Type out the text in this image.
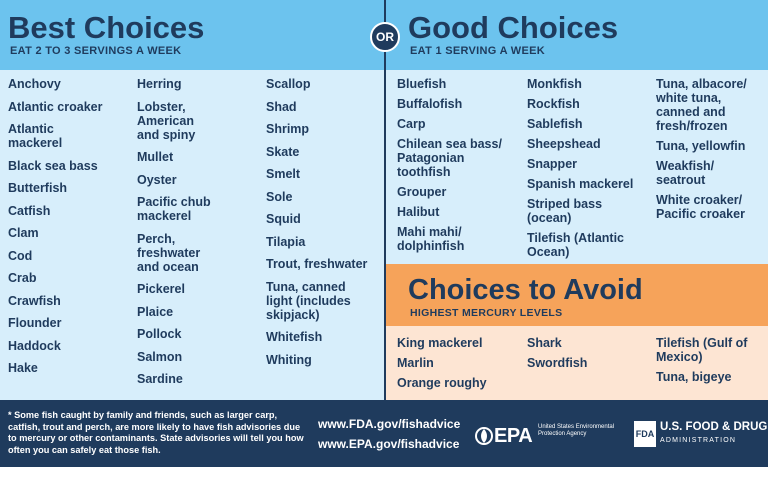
Best Choices
EAT 2 TO 3 SERVINGS A WEEK
Anchovy
Atlantic croaker
Atlantic mackerel
Black sea bass
Butterfish
Catfish
Clam
Cod
Crab
Crawfish
Flounder
Haddock
Hake
Herring
Lobster, American and spiny
Mullet
Oyster
Pacific chub mackerel
Perch, freshwater and ocean
Pickerel
Plaice
Pollock
Salmon
Sardine
Scallop
Shad
Shrimp
Skate
Smelt
Sole
Squid
Tilapia
Trout, freshwater
Tuna, canned light (includes skipjack)
Whitefish
Whiting
OR Good Choices
EAT 1 SERVING A WEEK
Bluefish
Buffalofish
Carp
Chilean sea bass/ Patagonian toothfish
Grouper
Halibut
Mahi mahi/ dolphinfish
Monkfish
Rockfish
Sablefish
Sheepshead
Snapper
Spanish mackerel
Striped bass (ocean)
Tilefish (Atlantic Ocean)
Tuna, albacore/ white tuna, canned and fresh/frozen
Tuna, yellowfin
Weakfish/ seatrout
White croaker/ Pacific croaker
Choices to Avoid
HIGHEST MERCURY LEVELS
King mackerel
Marlin
Orange roughy
Shark
Swordfish
Tilefish (Gulf of Mexico)
Tuna, bigeye

* Some fish caught by family and friends, such as larger carp, catfish, trout and perch, are more likely to have fish advisories due to mercury or other contaminants. State advisories will tell you how often you can safely eat those fish.

www.FDA.gov/fishadvice
www.EPA.gov/fishadvice EPA United States Environmental Protection Agency	FDA
U.S. FOOD & DRUG
ADMINISTRATION
